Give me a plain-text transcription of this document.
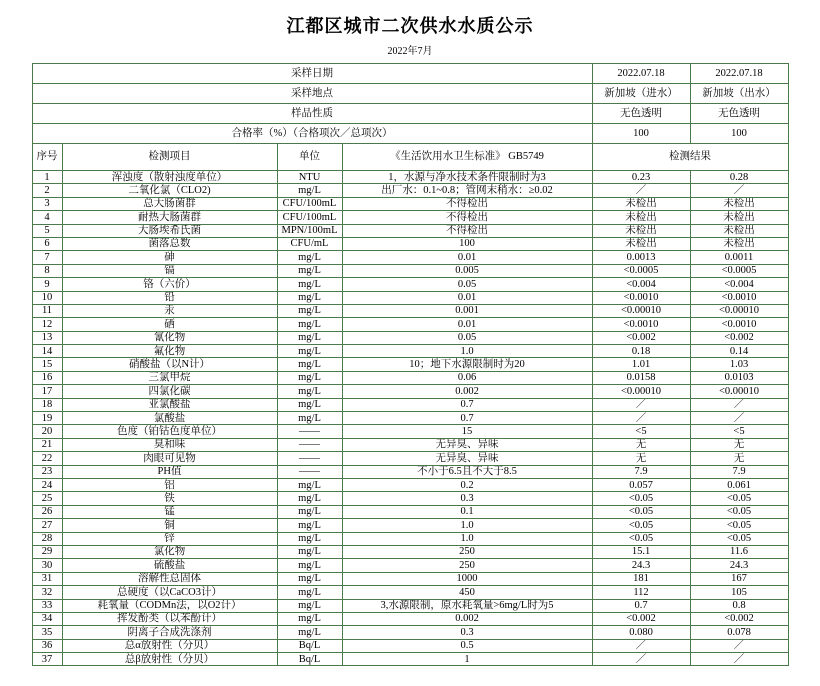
江都区城市二次供水水质公示
2022年7月
采样日期				2022.07.18	2022.07.18
采样地点				新加坡（进水）	新加坡（出水）
样品性质				无色透明	无色透明
合格率（%）（合格项次／总项次）				100	100
序号	检测项目	单位	《生活饮用水卫生标准》 GB5749	检测结果	
1	浑浊度（散射浊度单位）	NTU	1，水源与净水技术条件限制时为3	0.23	0.28
2	二氧化氯（CLO2)	mg/L	出厂水：0.1~0.8；管网末稍水：≥0.02	／	／
3	总大肠菌群	CFU/100mL	不得检出	未检出	未检出
4	耐热大肠菌群	CFU/100mL	不得检出	未检出	未检出
5	大肠埃希氏菌	MPN/100mL	不得检出	未检出	未检出
6	菌落总数	CFU/mL	100	未检出	未检出
7	砷	mg/L	0.01	0.0013	0.0011
8	镉	mg/L	0.005	<0.0005	<0.0005
9	铬（六价）	mg/L	0.05	<0.004	<0.004
10	铅	mg/L	0.01	<0.0010	<0.0010
11	汞	mg/L	0.001	<0.00010	<0.00010
12	硒	mg/L	0.01	<0.0010	<0.0010
13	氰化物	mg/L	0.05	<0.002	<0.002
14	氟化物	mg/L	1.0	0.18	0.14
15	硝酸盐（以N计）	mg/L	10；地下水源限制时为20	1.01	1.03
16	三氯甲烷	mg/L	0.06	0.0158	0.0103
17	四氯化碳	mg/L	0.002	<0.00010	<0.00010
18	亚氯酸盐	mg/L	0.7	／	／
19	氯酸盐	mg/L	0.7	／	／
20	色度（铂钴色度单位）	——	15	<5	<5
21	臭和味	——	无异臭、异味	无	无
22	肉眼可见物	——	无异臭、异味	无	无
23	PH值	——	不小于6.5且不大于8.5	7.9	7.9
24	铝	mg/L	0.2	0.057	0.061
25	铁	mg/L	0.3	<0.05	<0.05
26	锰	mg/L	0.1	<0.05	<0.05
27	铜	mg/L	1.0	<0.05	<0.05
28	锌	mg/L	1.0	<0.05	<0.05
29	氯化物	mg/L	250	15.1	11.6
30	硫酸盐	mg/L	250	24.3	24.3
31	溶解性总固体	mg/L	1000	181	167
32	总硬度（以CaCO3计）	mg/L	450	112	105
33	耗氧量（CODMn法，以O2计）	mg/L	3,水源限制，原水耗氧量>6mg/L时为5	0.7	0.8
34	挥发酚类（以苯酚计）	mg/L	0.002	<0.002	<0.002
35	阴离子合成洗涤剂	mg/L	0.3	0.080	0.078
36	总α放射性（分贝）	Bq/L	0.5	／	／
37	总β放射性（分贝）	Bq/L	1	／	／
